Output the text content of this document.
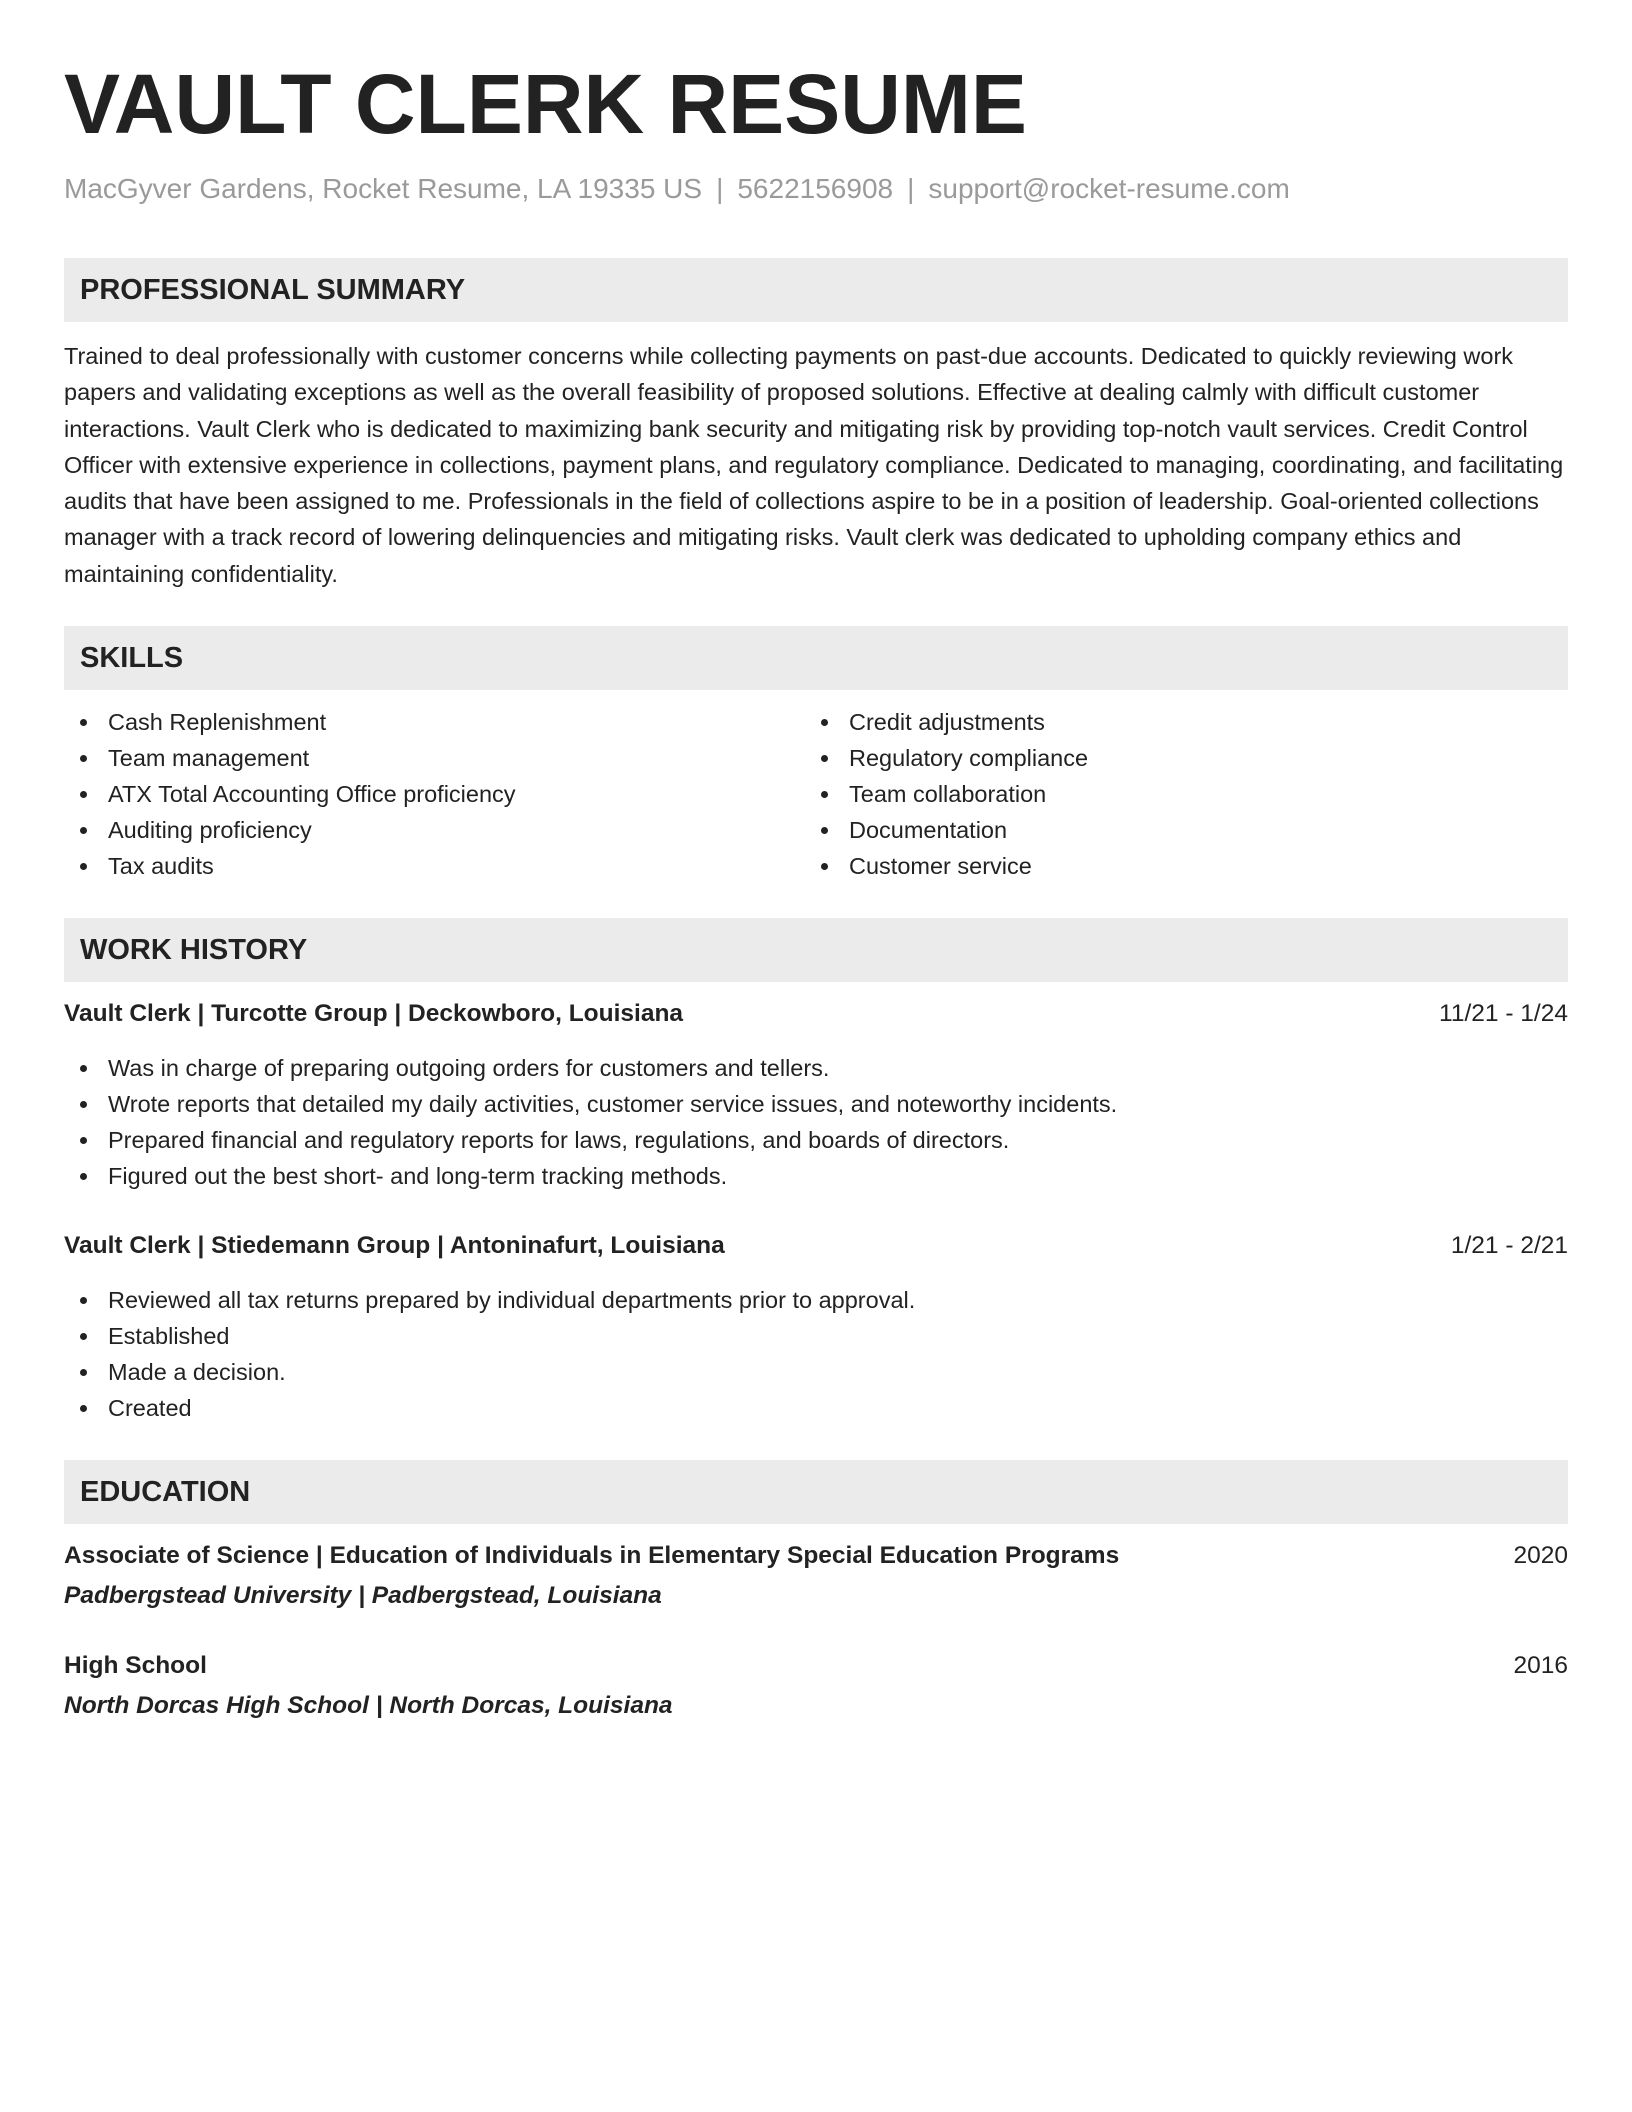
VAULT CLERK RESUME
MacGyver Gardens, Rocket Resume, LA 19335 US | 5622156908 | support@rocket-resume.com
PROFESSIONAL SUMMARY
Trained to deal professionally with customer concerns while collecting payments on past-due accounts. Dedicated to quickly reviewing work papers and validating exceptions as well as the overall feasibility of proposed solutions. Effective at dealing calmly with difficult customer interactions. Vault Clerk who is dedicated to maximizing bank security and mitigating risk by providing top-notch vault services. Credit Control Officer with extensive experience in collections, payment plans, and regulatory compliance. Dedicated to managing, coordinating, and facilitating audits that have been assigned to me. Professionals in the field of collections aspire to be in a position of leadership. Goal-oriented collections manager with a track record of lowering delinquencies and mitigating risks. Vault clerk was dedicated to upholding company ethics and maintaining confidentiality.
SKILLS
Cash Replenishment
Team management
ATX Total Accounting Office proficiency
Auditing proficiency
Tax audits
Credit adjustments
Regulatory compliance
Team collaboration
Documentation
Customer service
WORK HISTORY
Vault Clerk | Turcotte Group | Deckowboro, Louisiana	11/21 - 1/24
Was in charge of preparing outgoing orders for customers and tellers.
Wrote reports that detailed my daily activities, customer service issues, and noteworthy incidents.
Prepared financial and regulatory reports for laws, regulations, and boards of directors.
Figured out the best short- and long-term tracking methods.
Vault Clerk | Stiedemann Group | Antoninafurt, Louisiana	1/21 - 2/21
Reviewed all tax returns prepared by individual departments prior to approval.
Established
Made a decision.
Created
EDUCATION
Associate of Science | Education of Individuals in Elementary Special Education Programs	2020
Padbergstead University | Padbergstead, Louisiana
High School	2016
North Dorcas High School | North Dorcas, Louisiana
